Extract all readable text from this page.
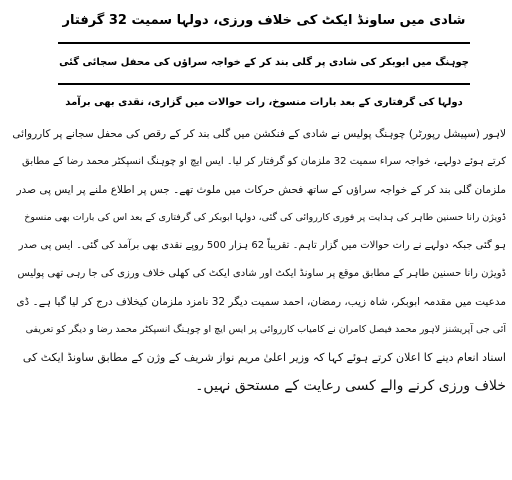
شادی میں ساونڈ ایکٹ کی خلاف ورزی، دولہا سمیت 32 گرفتار
چوہنگ میں ابوبکر کی شادی پر گلی بند کر کے خواجہ سراؤں کی محفل سجائی گئی
دولہا کی گرفتاری کے بعد بارات منسوخ، رات حوالات میں گزاری، نقدی بھی برآمد
لاہور (سپیشل رپورٹر) چوہنگ پولیس نے شادی کے فنکشن میں گلی بند کر کے رقص کی محفل سجانے پر کارروائی
کرتے ہوئے دولہے، خواجہ سراء سمیت 32 ملزمان کو گرفتار کر لیا۔ ایس ایچ او چوہنگ انسپکٹر محمد رضا کے مطابق
ملزمان گلی بند کر کے خواجہ سراؤں کے ساتھ فحش حرکات میں ملوث تھے۔ جس پر اطلاع ملنے پر ایس پی صدر
ڈویژن رانا حسنین طاہر کی ہدایت پر فوری کارروائی کی گئی، دولہا ابوبکر کی گرفتاری کے بعد اس کی بارات بھی منسوخ
ہو گئی جبکہ دولہے نے رات حوالات میں گزار تاہم۔ تقریباً 62 ہزار 500 روپے نقدی بھی برآمد کی گئی۔ ایس پی صدر
ڈویژن رانا حسنین طاہر کے مطابق موقع پر ساونڈ ایکٹ اور شادی ایکٹ کی کھلی خلاف ورزی کی جا رہی تھی پولیس
مدعیت میں مقدمہ ابوبکر، شاہ زیب، رمضان، احمد سمیت دیگر 32 نامزد ملزمان کیخلاف درج کر لیا گیا ہے۔ ڈی
آئی جی آپریشنز لاہور محمد فیصل کامران نے کامیاب کارروائی پر ایس ایچ او چوہنگ انسپکٹر محمد رضا و دیگر کو تعریفی
اسناد انعام دینے کا اعلان کرتے ہوئے کہا کہ وزیر اعلیٰ مریم نواز شریف کے وژن کے مطابق ساونڈ ایکٹ کی
خلاف ورزی کرنے والے کسی رعایت کے مستحق نہیں۔
